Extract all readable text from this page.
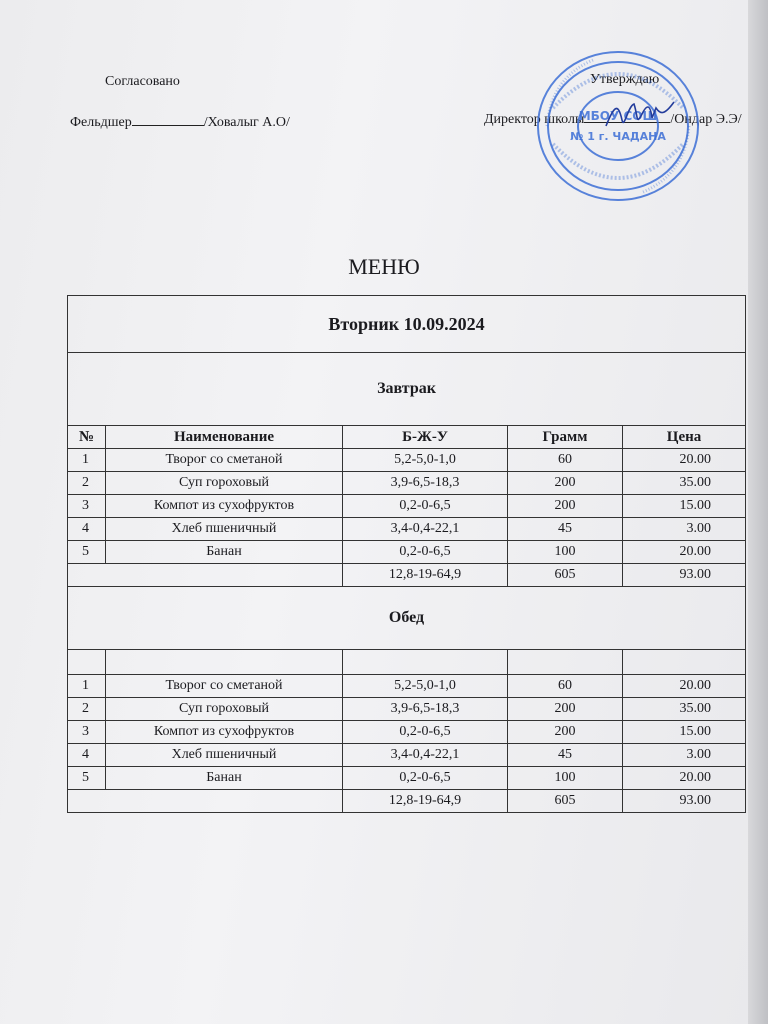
Согласовано
Фельдшер	/Ховалыг А.О/
Утверждаю
Директор школы	/Ондар Э.Э/
МБОУ СОШ
№ 1 г. ЧАДАНА
МЕНЮ
Вторник 10.09.2024				
Завтрак				
№	Наименование	Б-Ж-У	Грамм	Цена
1	Творог со сметаной	5,2-5,0-1,0	60	20.00
2	Суп гороховый	3,9-6,5-18,3	200	35.00
3	Компот из сухофруктов	0,2-0-6,5	200	15.00
4	Хлеб пшеничный	3,4-0,4-22,1	45	3.00
5	Банан	0,2-0-6,5	100	20.00
		12,8-19-64,9	605	93.00
Обед				

1	Творог со сметаной	5,2-5,0-1,0	60	20.00
2	Суп гороховый	3,9-6,5-18,3	200	35.00
3	Компот из сухофруктов	0,2-0-6,5	200	15.00
4	Хлеб пшеничный	3,4-0,4-22,1	45	3.00
5	Банан	0,2-0-6,5	100	20.00
		12,8-19-64,9	605	93.00
